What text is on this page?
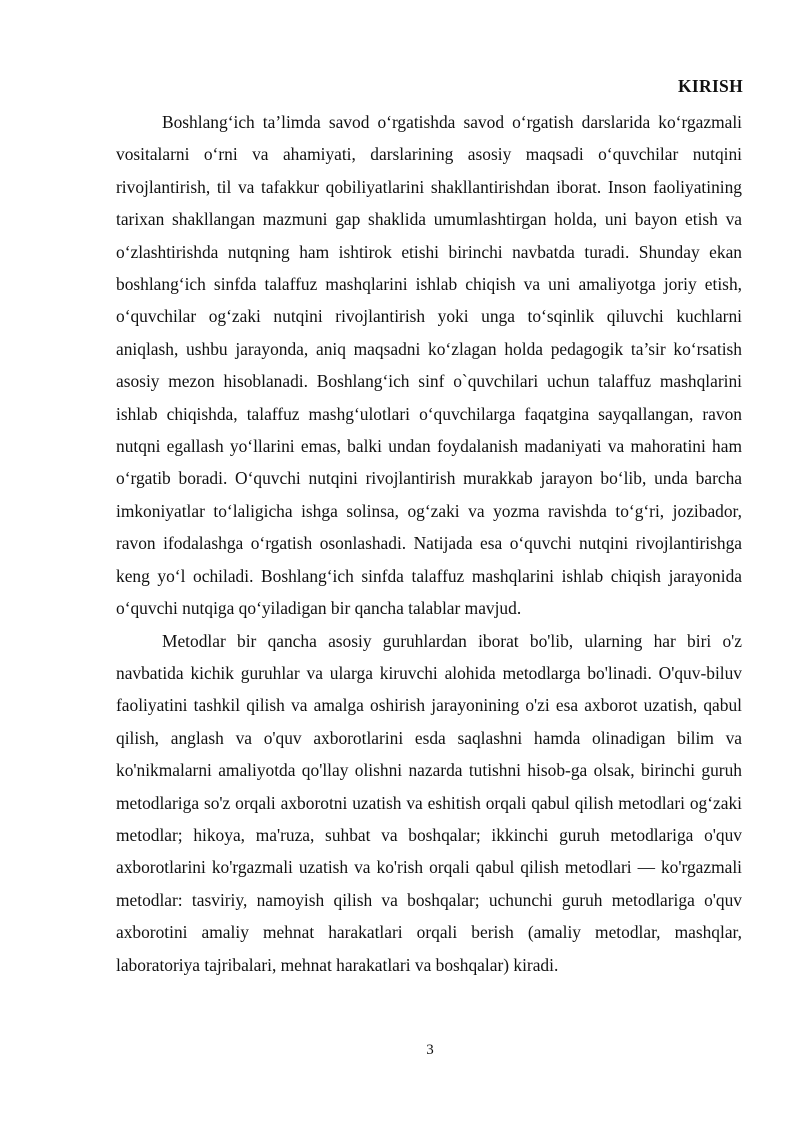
KIRISH

Boshlang‘ich ta’limda savod o‘rgatishda savod o‘rgatish darslarida ko‘rgazmali vositalarni o‘rni va ahamiyati, darslarining asosiy maqsadi o‘quvchilar nutqini rivojlantirish, til va tafakkur qobiliyatlarini shakllantirishdan iborat. Inson faoliyatining tarixan shakllangan mazmuni gap shaklida umumlashtirgan holda, uni bayon etish va o‘zlashtirishda nutqning ham ishtirok etishi birinchi navbatda turadi. Shunday ekan boshlang‘ich sinfda talaffuz mashqlarini ishlab chiqish va uni amaliyotga joriy etish, o‘quvchilar og‘zaki nutqini rivojlantirish yoki unga to‘sqinlik qiluvchi kuchlarni aniqlash, ushbu jarayonda, aniq maqsadni ko‘zlagan holda pedagogik ta’sir ko‘rsatish asosiy mezon hisoblanadi. Boshlang‘ich sinf o`quvchilari uchun talaffuz mashqlarini ishlab chiqishda, talaffuz mashg‘ulotlari o‘quvchilarga faqatgina sayqallangan, ravon nutqni egallash yo‘llarini emas, balki undan foydalanish madaniyati va mahoratini ham o‘rgatib boradi. O‘quvchi nutqini rivojlantirish murakkab jarayon bo‘lib, unda barcha imkoniyatlar to‘laligicha ishga solinsa, og‘zaki va yozma ravishda to‘g‘ri, jozibador, ravon ifodalashga o‘rgatish osonlashadi. Natijada esa o‘quvchi nutqini rivojlantirishga keng yo‘l ochiladi. Boshlang‘ich sinfda talaffuz mashqlarini ishlab chiqish jarayonida o‘quvchi nutqiga qo‘yiladigan bir qancha talablar mavjud.

Metodlar bir qancha asosiy guruhlardan iborat bo'lib, ularning har biri o'z navbatida kichik guruhlar va ularga kiruvchi alohida metodlarga bo'linadi. O'quv-biluv faoliyatini tashkil qilish va amalga oshirish jarayonining o'zi esa axborot uzatish, qabul qilish, anglash va o'quv axborotlarini esda saqlashni hamda olinadigan bilim va ko'nikmalarni amaliyotda qo'llay olishni nazarda tutishni hisob-ga olsak, birinchi guruh metodlariga so'z orqali axborotni uzatish va eshitish orqali qabul qilish metodlari og‘zaki metodlar; hikoya, ma'ruza, suhbat va boshqalar; ikkinchi guruh metodlariga o'quv axborotlarini ko'rgazmali uzatish va ko'rish orqali qabul qilish metodlari — ko'rgazmali metodlar: tasviriy, namoyish qilish va boshqalar; uchunchi guruh metodlariga o'quv axborotini amaliy mehnat harakatlari orqali berish (amaliy metodlar, mashqlar, laboratoriya tajribalari, mehnat harakatlari va boshqalar) kiradi.

3
